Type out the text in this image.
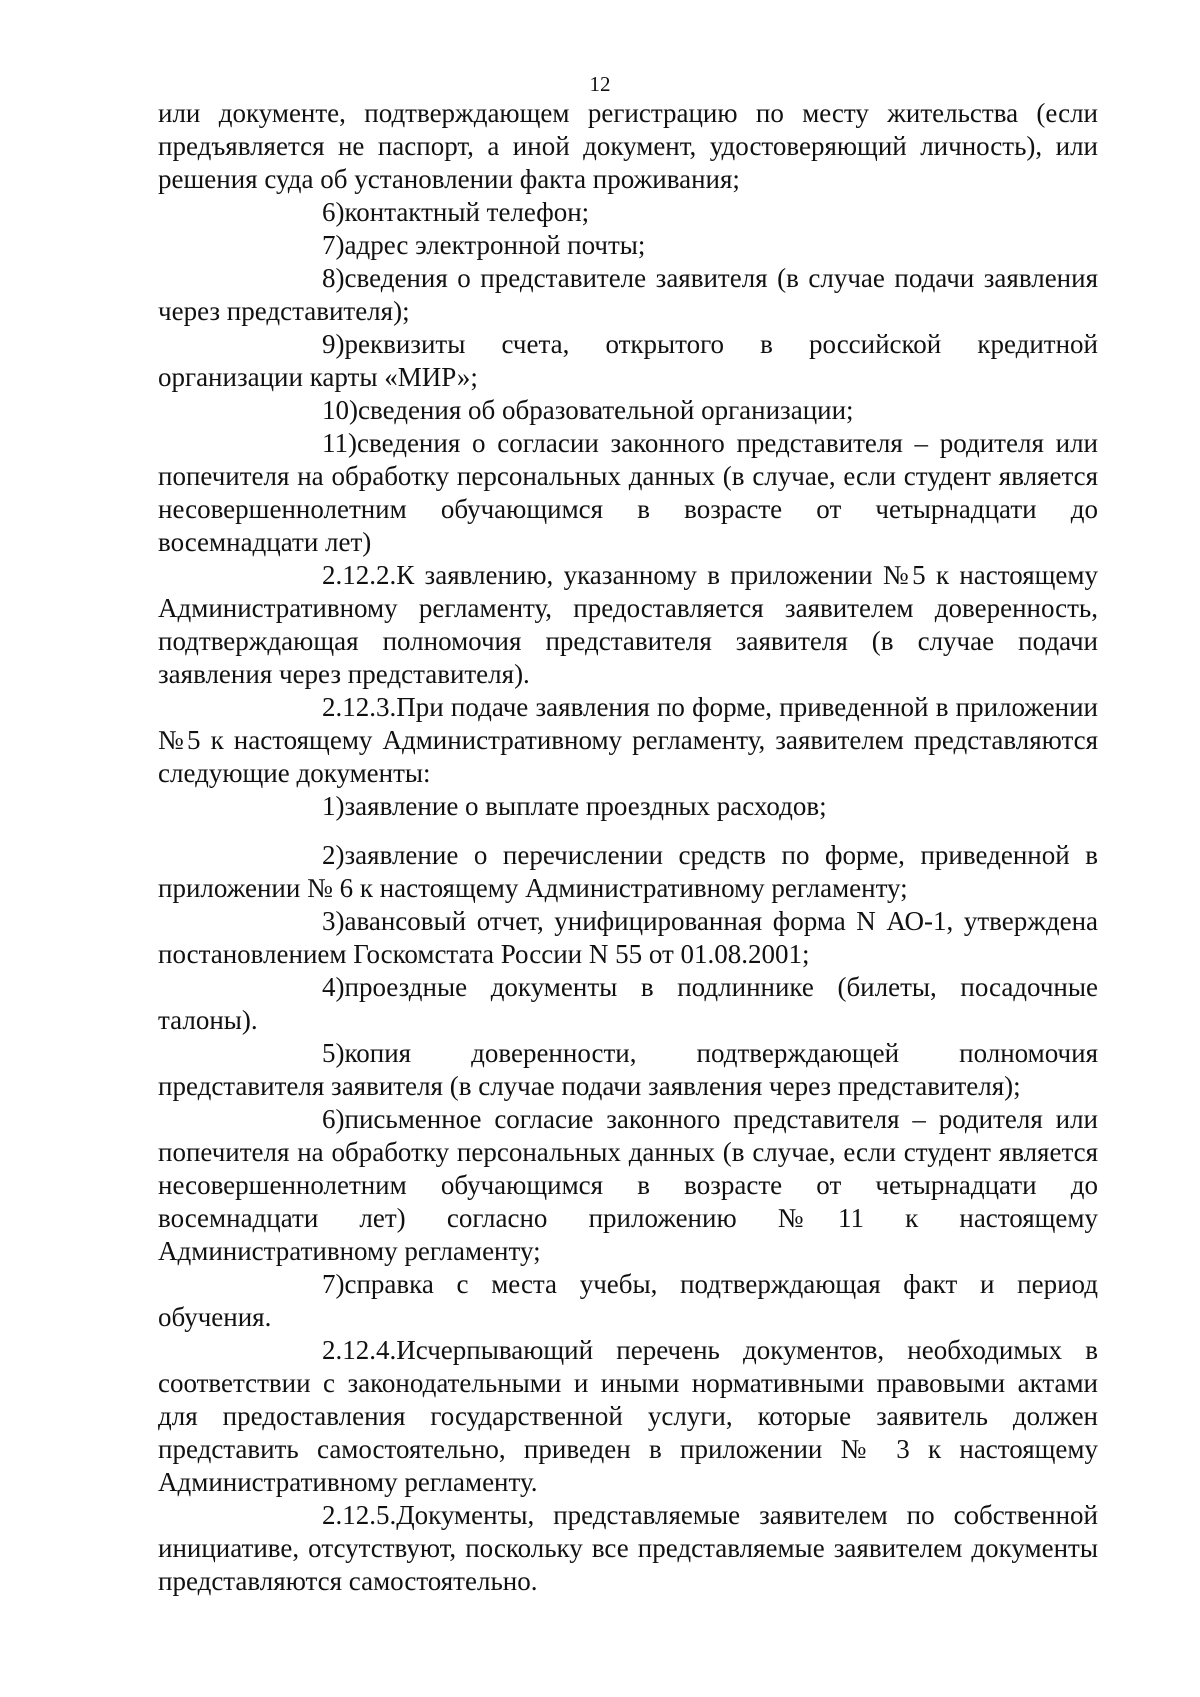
12

или документе, подтверждающем регистрацию по месту жительства (если предъявляется не паспорт, а иной документ, удостоверяющий личность), или решения суда об установлении факта проживания;

6)контактный телефон;

7)адрес электронной почты;

8)сведения о представителе заявителя (в случае подачи заявления через представителя);

9)реквизиты счета, открытого в российской кредитной организации карты «МИР»;

10)сведения об образовательной организации;

11)сведения о согласии законного представителя – родителя или попечителя на обработку персональных данных (в случае, если студент является несовершеннолетним обучающимся в возрасте от четырнадцати до восемнадцати лет)

2.12.2.К заявлению, указанному в приложении №5 к настоящему Административному регламенту, предоставляется заявителем доверенность, подтверждающая полномочия представителя заявителя (в случае подачи заявления через представителя).

2.12.3.При подаче заявления по форме, приведенной в приложении №5 к настоящему Административному регламенту, заявителем представляются следующие документы:

1)заявление о выплате проездных расходов;

2)заявление о перечислении средств по форме, приведенной в приложении № 6 к настоящему Административному регламенту;

3)авансовый отчет, унифицированная форма N АО-1, утверждена постановлением Госкомстата России N 55 от 01.08.2001;

4)проездные документы в подлиннике (билеты, посадочные талоны).

5)копия доверенности, подтверждающей полномочия представителя заявителя (в случае подачи заявления через представителя);

6)письменное согласие законного представителя – родителя или попечителя на обработку персональных данных (в случае, если студент является несовершеннолетним обучающимся в возрасте от четырнадцати до восемнадцати лет) согласно приложению №11 к настоящему Административному регламенту;

7)справка с места учебы, подтверждающая факт и период обучения.

2.12.4.Исчерпывающий перечень документов, необходимых в соответствии с законодательными и иными нормативными правовыми актами для предоставления государственной услуги, которые заявитель должен представить самостоятельно, приведен в приложении № 3 к настоящему Административному регламенту.

2.12.5.Документы, представляемые заявителем по собственной инициативе, отсутствуют, поскольку все представляемые заявителем документы представляются самостоятельно.
